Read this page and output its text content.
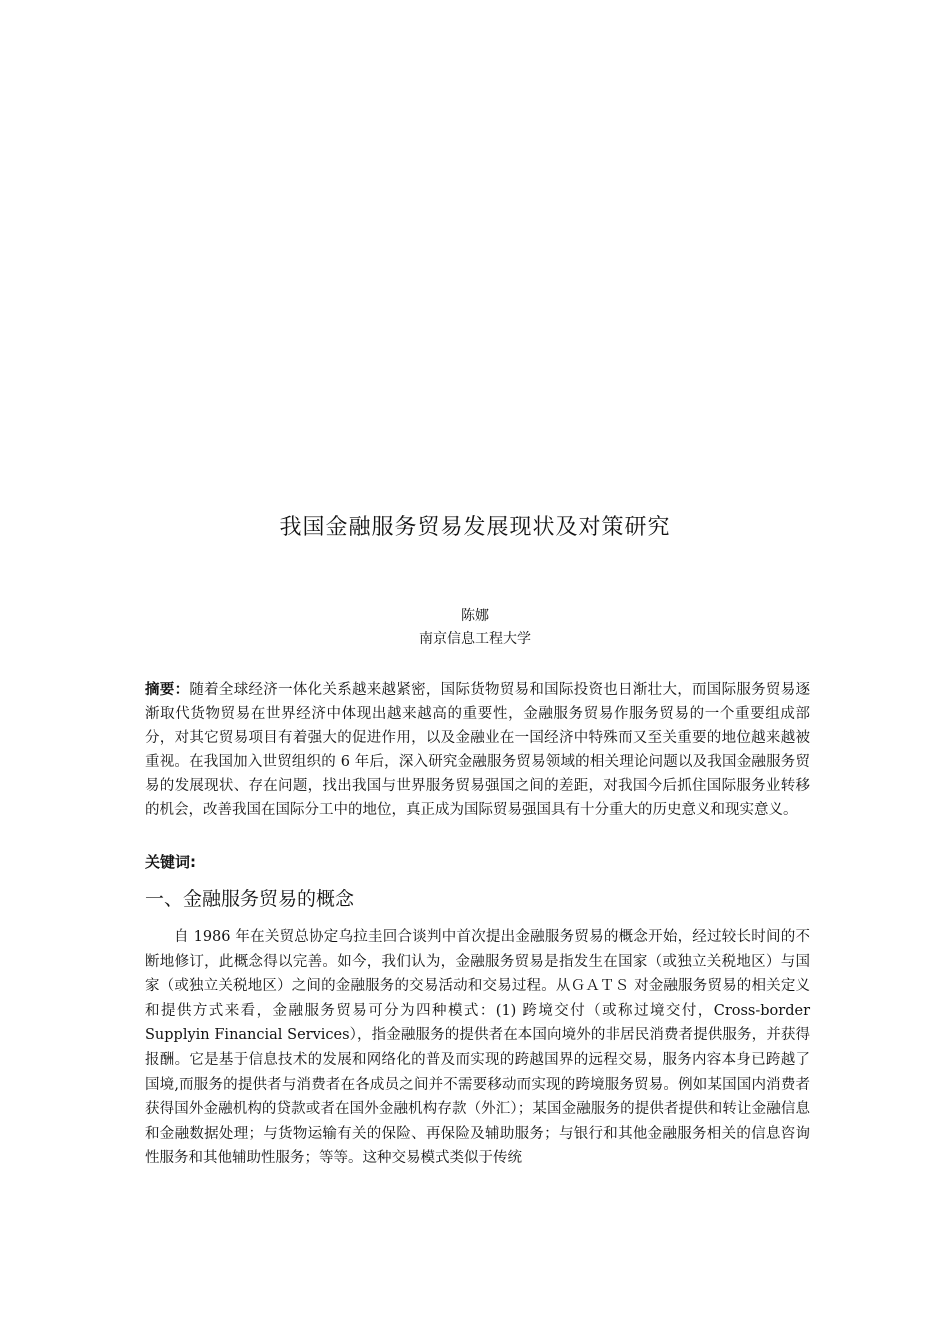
我国金融服务贸易发展现状及对策研究

陈娜

南京信息工程大学

摘要：随着全球经济一体化关系越来越紧密，国际货物贸易和国际投资也日渐壮大，而国际服务贸易逐渐取代货物贸易在世界经济中体现出越来越高的重要性，金融服务贸易作服务贸易的一个重要组成部分，对其它贸易项目有着强大的促进作用，以及金融业在一国经济中特殊而又至关重要的地位越来越被重视。在我国加入世贸组织的 6 年后，深入研究金融服务贸易领域的相关理论问题以及我国金融服务贸易的发展现状、存在问题，找出我国与世界服务贸易强国之间的差距，对我国今后抓住国际服务业转移的机会，改善我国在国际分工中的地位，真正成为国际贸易强国具有十分重大的历史意义和现实意义。

关键词:

一、金融服务贸易的概念

自 1986 年在关贸总协定乌拉圭回合谈判中首次提出金融服务贸易的概念开始，经过较长时间的不断地修订，此概念得以完善。如今，我们认为，金融服务贸易是指发生在国家（或独立关税地区）与国家（或独立关税地区）之间的金融服务的交易活动和交易过程。从ＧＡＴＳ 对金融服务贸易的相关定义和提供方式来看，金融服务贸易可分为四种模式：(1) 跨境交付（或称过境交付，Cross-border Supplyin Financial Services），指金融服务的提供者在本国向境外的非居民消费者提供服务，并获得报酬。它是基于信息技术的发展和网络化的普及而实现的跨越国界的远程交易，服务内容本身已跨越了国境,而服务的提供者与消费者在各成员之间并不需要移动而实现的跨境服务贸易。例如某国国内消费者获得国外金融机构的贷款或者在国外金融机构存款（外汇）；某国金融服务的提供者提供和转让金融信息和金融数据处理；与货物运输有关的保险、再保险及辅助服务；与银行和其他金融服务相关的信息咨询性服务和其他辅助性服务；等等。这种交易模式类似于传统
